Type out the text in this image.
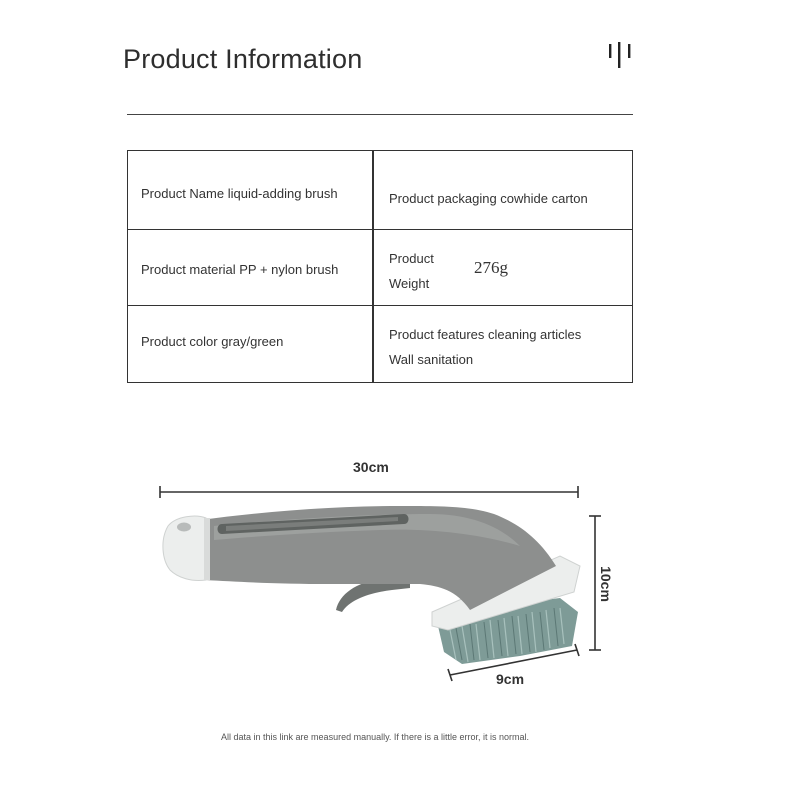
Product Information
Product Name liquid-adding brush	Product packaging cowhide carton
Product material PP + nylon brush
Product
Weight
276g
Product color gray/green	Product features cleaning articles
Wall sanitation
30cm
10cm
9cm
All data in this link are measured manually. If there is a little error, it is normal.
